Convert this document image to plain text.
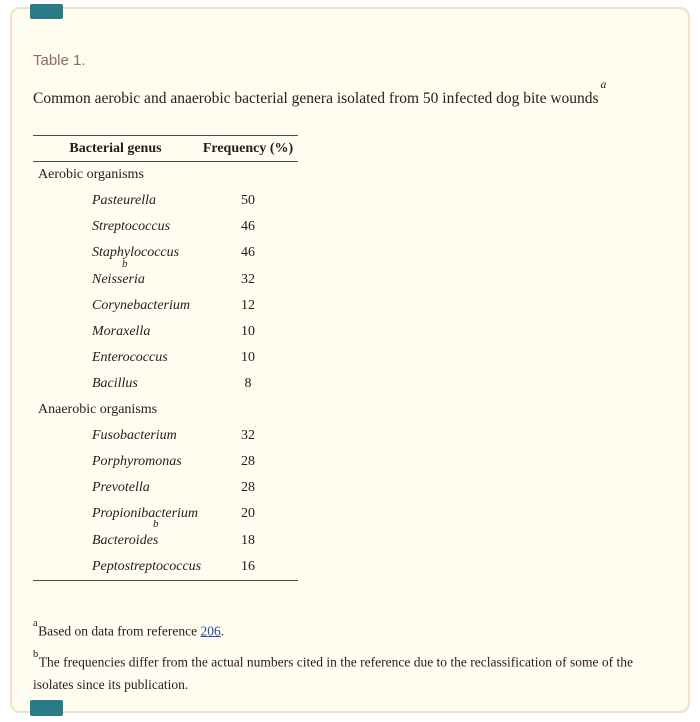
Table 1.
Common aerobic and anaerobic bacterial genera isolated from 50 infected dog bite wounds$^a$
Bacterial genus	Frequency (%)
Aerobic organisms
Pasteurella	50
Streptococcus	46
Staphylococcus	46
b
Neisseria	32
Corynebacterium	12
Moraxella	10
Enterococcus	10
Bacillus	8
Anaerobic organisms
Fusobacterium	32
Porphyromonas	28
Prevotella	28
Propionibacterium	20
b
Bacteroides	18
Peptostreptococcus	16
$^a$Based on data from reference 206.
$^b$The frequencies differ from the actual numbers cited in the reference due to the reclassification of some of the isolates since its publication.
